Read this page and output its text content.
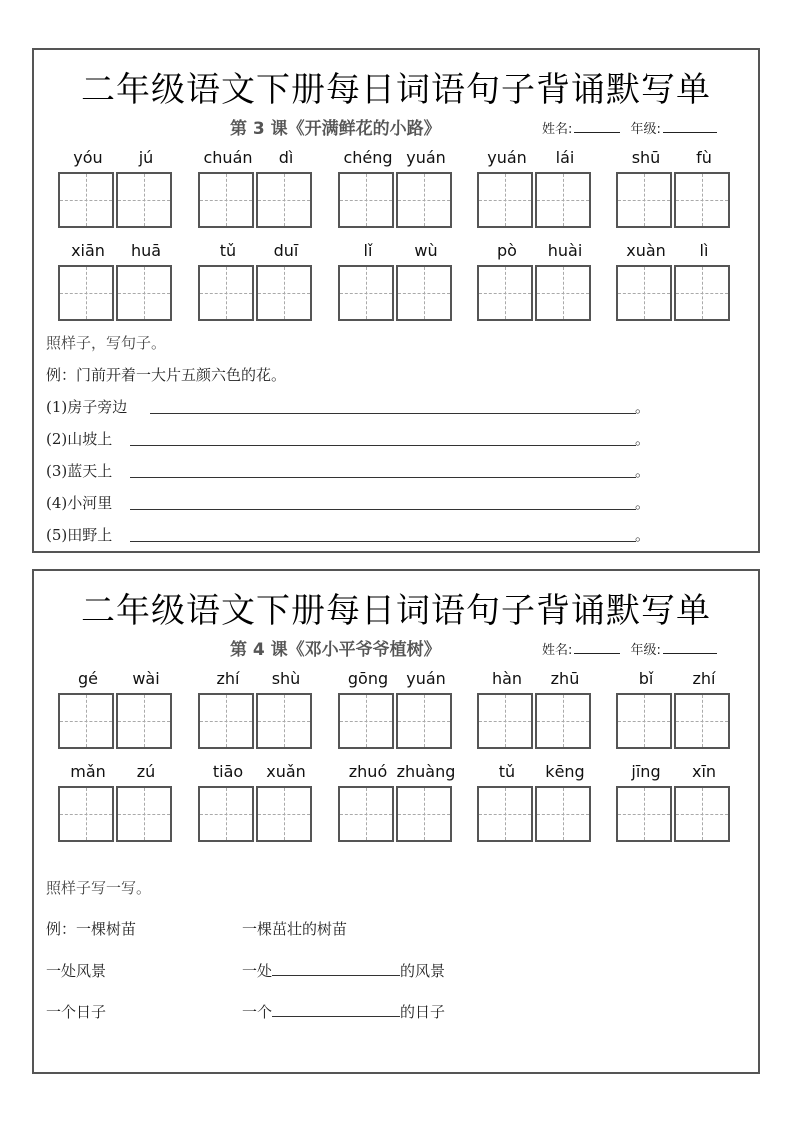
二年级语文下册每日词语句子背诵默写单
第 3 课《开满鲜花的小路》	姓名:	年级:
yóu	jú	chuán	dì	chéng yuán	yuán	lái	shū	fù
xiān	huā	tǔ	duī	lǐ	wù	pò	huài	xuàn	lì
照样子，写句子。
例：门前开着一大片五颜六色的花。
(1)房子旁边	。
(2)山坡上	。
(3)蓝天上	。
(4)小河里	。
(5)田野上	。
二年级语文下册每日词语句子背诵默写单
第 4 课《邓小平爷爷植树》	姓名:	年级:
gé	wài	zhí	shù	gōng	yuán	hàn	zhū	bǐ	zhí
mǎn	zú	tiāo	xuǎn	zhuó zhuàng	tǔ	kēng	jīng	xīn
照样子写一写。
例：一棵树苗	一棵茁壮的树苗
一处风景	一处	的风景
一个日子	一个	的日子
